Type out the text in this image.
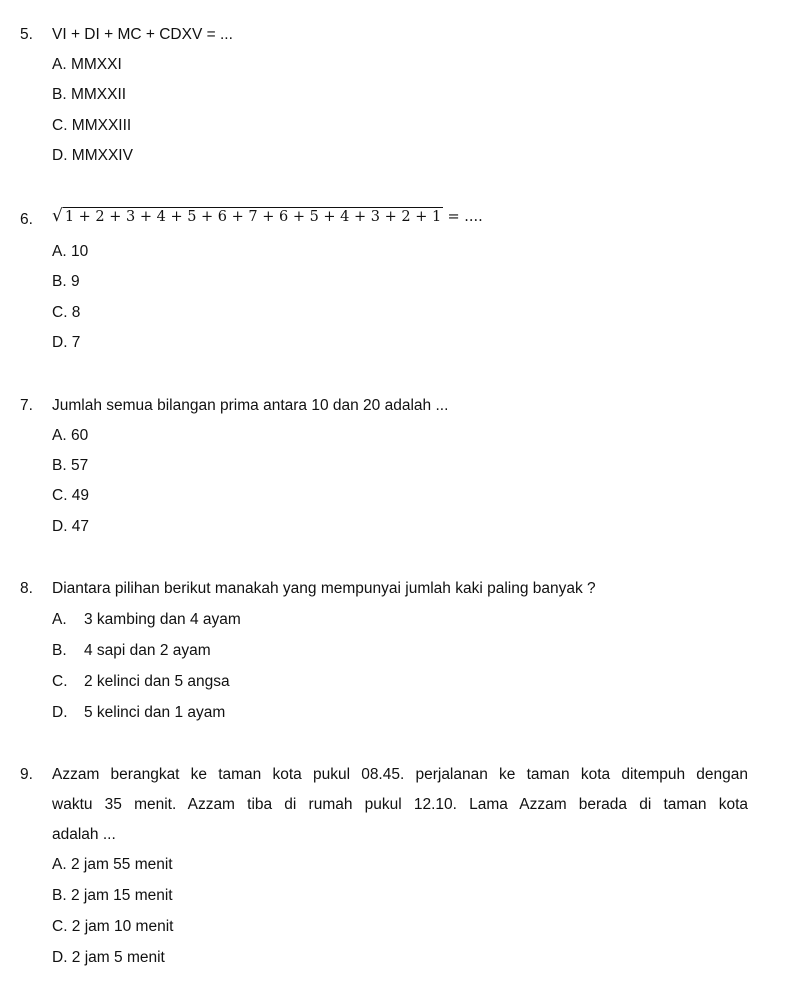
5. VI + DI + MC + CDXV = ...
A. MMXXI
B. MMXXII
C. MMXXIII
D. MMXXIV
6. √ 1 + 2 + 3 + 4 + 5 + 6 + 7 + 6 + 5 + 4 + 3 + 2 + 1 = ....
A. 10
B. 9
C. 8
D. 7
7. Jumlah semua bilangan prima antara 10 dan 20 adalah ...
A. 60
B. 57
C. 49
D. 47
8. Diantara pilihan berikut manakah yang mempunyai jumlah kaki paling banyak ?
A. 3 kambing dan 4 ayam
B. 4 sapi dan 2 ayam
C. 2 kelinci dan 5 angsa
D. 5 kelinci dan 1 ayam
9. Azzam berangkat ke taman kota pukul 08.45. perjalanan ke taman kota ditempuh dengan
waktu 35 menit. Azzam tiba di rumah pukul 12.10. Lama Azzam berada di taman kota
adalah ...
A. 2 jam 55 menit
B. 2 jam 15 menit
C. 2 jam 10 menit
D. 2 jam 5 menit
